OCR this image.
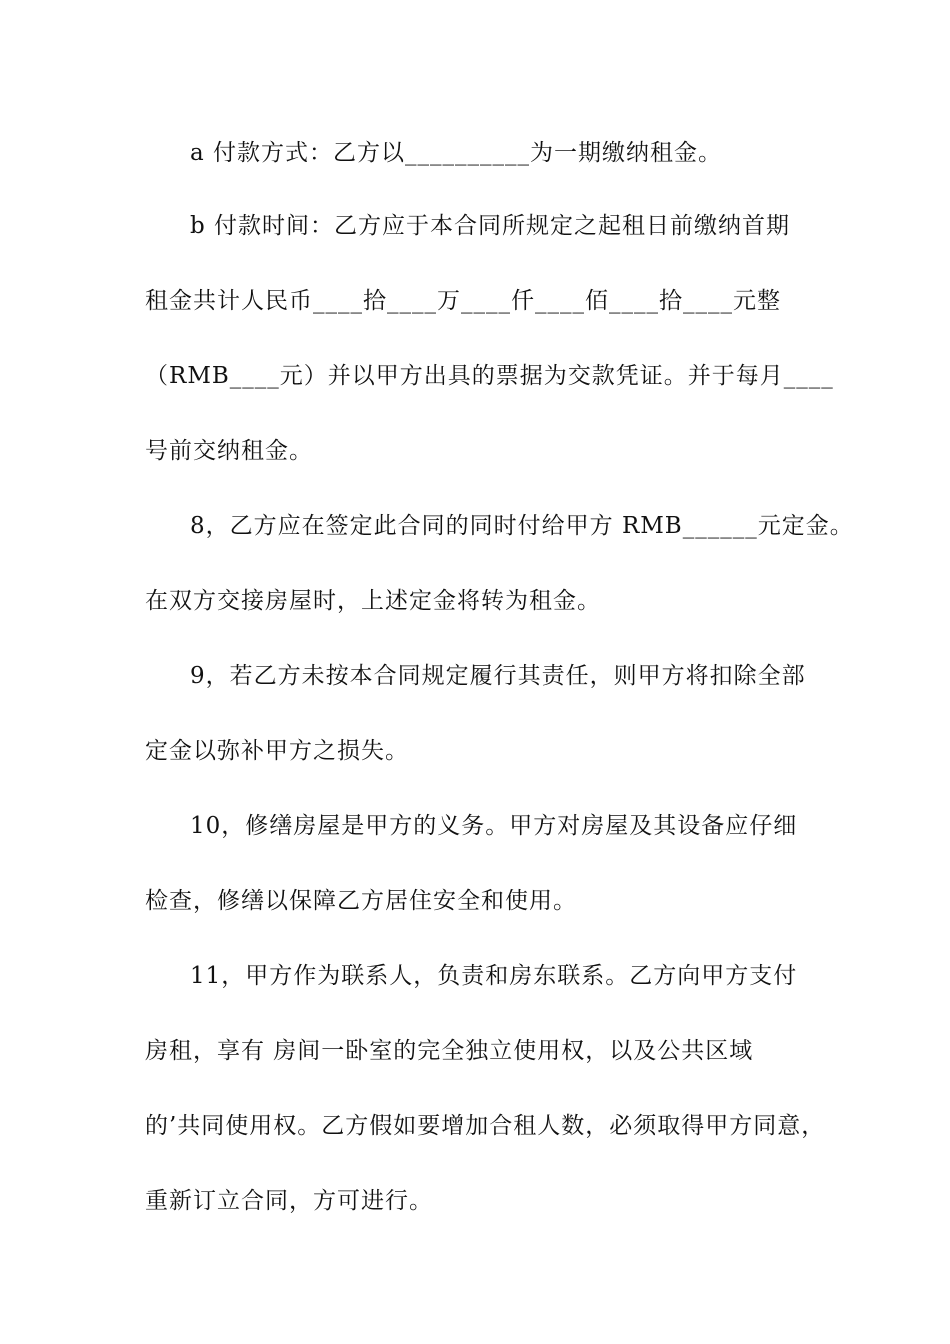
a 付款方式：乙方以__________为一期缴纳租金。
b 付款时间：乙方应于本合同所规定之起租日前缴纳首期
租金共计人民币____拾____万____仟____佰____拾____元整
（RMB____元）并以甲方出具的票据为交款凭证。并于每月____
号前交纳租金。
8，乙方应在签定此合同的同时付给甲方 RMB______元定金。
在双方交接房屋时，上述定金将转为租金。
9，若乙方未按本合同规定履行其责任，则甲方将扣除全部
定金以弥补甲方之损失。
10，修缮房屋是甲方的义务。甲方对房屋及其设备应仔细
检查，修缮以保障乙方居住安全和使用。
11，甲方作为联系人，负责和房东联系。乙方向甲方支付
房租，享有 房间一卧室的完全独立使用权，以及公共区域
的’共同使用权。乙方假如要增加合租人数，必须取得甲方同意，
重新订立合同，方可进行。
